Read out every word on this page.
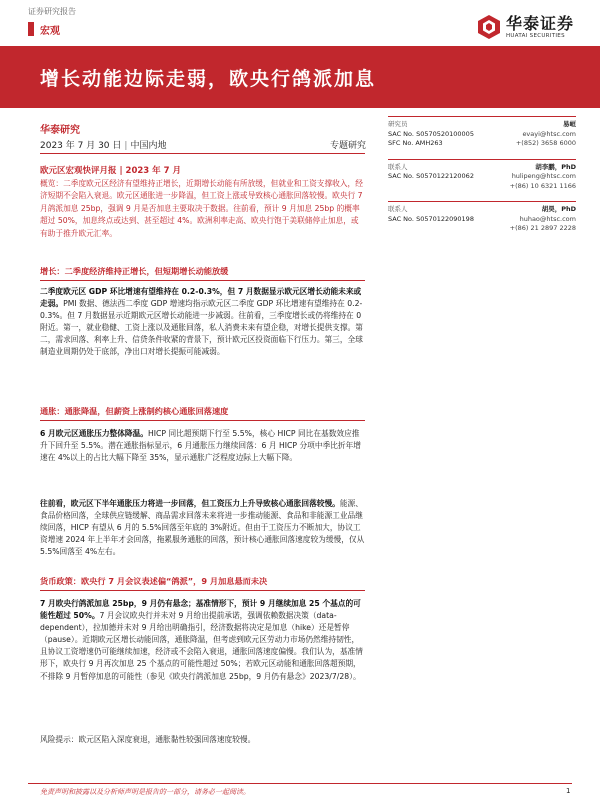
证券研究报告
华泰证券
HUATAI SECURITIES
宏观
增长动能边际走弱，欧央行鸽派加息
华泰研究
2023 年 7 月 30 日 | 中国内地	专题研究
研究员	易峘
SAC No. S0570520100005	evayi@htsc.com
SFC No. AMH263	+(852) 3658 6000
联系人	胡李鹏，PhD
SAC No. S0570122120062	hulipeng@htsc.com
+(86) 10 6321 1166
联系人	胡昊，PhD
SAC No. S0570122090198	huhao@htsc.com
+(86) 21 2897 2228
欧元区宏观快评月报 | 2023 年 7 月
概览：二季度欧元区经济有望维持正增长，近期增长动能有所放缓，但就业和工资支撑收入，经济短期不会陷入衰退。欧元区通胀进一步降温，但工资上涨或导致核心通胀回落较慢。欧央行 7 月鸽派加息 25bp，强调 9 月是否加息主要取决于数据。往前看，预计 9 月加息 25bp 的概率超过 50%，加息终点或达到、甚至超过 4%。欧洲利率走高、欧央行饱于美联储停止加息，或有助于推升欧元汇率。
增长：二季度经济维持正增长，但短期增长动能放缓
二季度欧元区 GDP 环比增速有望维持在 0.2-0.3%，但 7 月数据显示欧元区增长动能未来或走弱。PMI 数据、德法西二季度 GDP 增速均指示欧元区二季度 GDP 环比增速有望维持在 0.2-0.3%。但 7 月数据显示近期欧元区增长动能进一步减弱。往前看，三季度增长或仍将维持在 0 附近。第一，就业稳健、工资上涨以及通胀回落，私人消费未来有望企稳，对增长提供支撑。第二，需求回落、利率上升、信贷条件收紧的背景下，预计欧元区投资面临下行压力。第三，全球制造业周期仍处于底部，净出口对增长提振可能减弱。
通胀：通胀降温，但薪资上涨制约核心通胀回落速度
6 月欧元区通胀压力整体降温。HICP 同比超预期下行至 5.5%，核心 HICP 同比在基数效应推升下回升至 5.5%。潜在通胀指标显示，6 月通胀压力继续回落：6 月 HICP 分项中季比折年增速在 4%以上的占比大幅下降至 35%，显示通胀广泛程度边际上大幅下降。
往前看，欧元区下半年通胀压力将进一步回落，但工资压力上升导致核心通胀回落较慢。能源、食品价格回落，全球供应链缓解、商品需求回落未来将进一步推动能源、食品和非能源工业品继续回落，HICP 有望从 6 月的 5.5%回落至年底的 3%附近。但由于工资压力不断加大，协议工资增速 2024 年上半年才会回落，拖累服务通胀的回落，预计核心通胀回落速度较为缓慢，仅从 5.5%回落至 4%左右。
货币政策：欧央行 7 月会议表述偏“鸽派”，9 月加息悬而未决
7 月欧央行鸽派加息 25bp，9 月仍有悬念；基准情形下，预计 9 月继续加息 25 个基点的可能性超过 50%。7 月会议欧央行并未对 9 月给出提前承诺，强调依赖数据决策（data-dependent），拉加德并未对 9 月给出明确指引，经济数据将决定是加息（hike）还是暂停（pause）。近期欧元区增长动能回落，通胀降温，但考虑到欧元区劳动力市场仍然维持韧性，且协议工资增速仍可能继续加速，经济或不会陷入衰退，通胀回落速度偏慢。我们认为，基准情形下，欧央行 9 月再次加息 25 个基点的可能性超过 50%；若欧元区动能和通胀回落超预期，不排除 9 月暂停加息的可能性（参见《欧央行鸽派加息 25bp，9 月仍有悬念》2023/7/28）。
风险提示：欧元区陷入深度衰退，通胀黏性较强回落速度较慢。
免责声明和披露以及分析师声明是报告的一部分，请务必一起阅读。	1
